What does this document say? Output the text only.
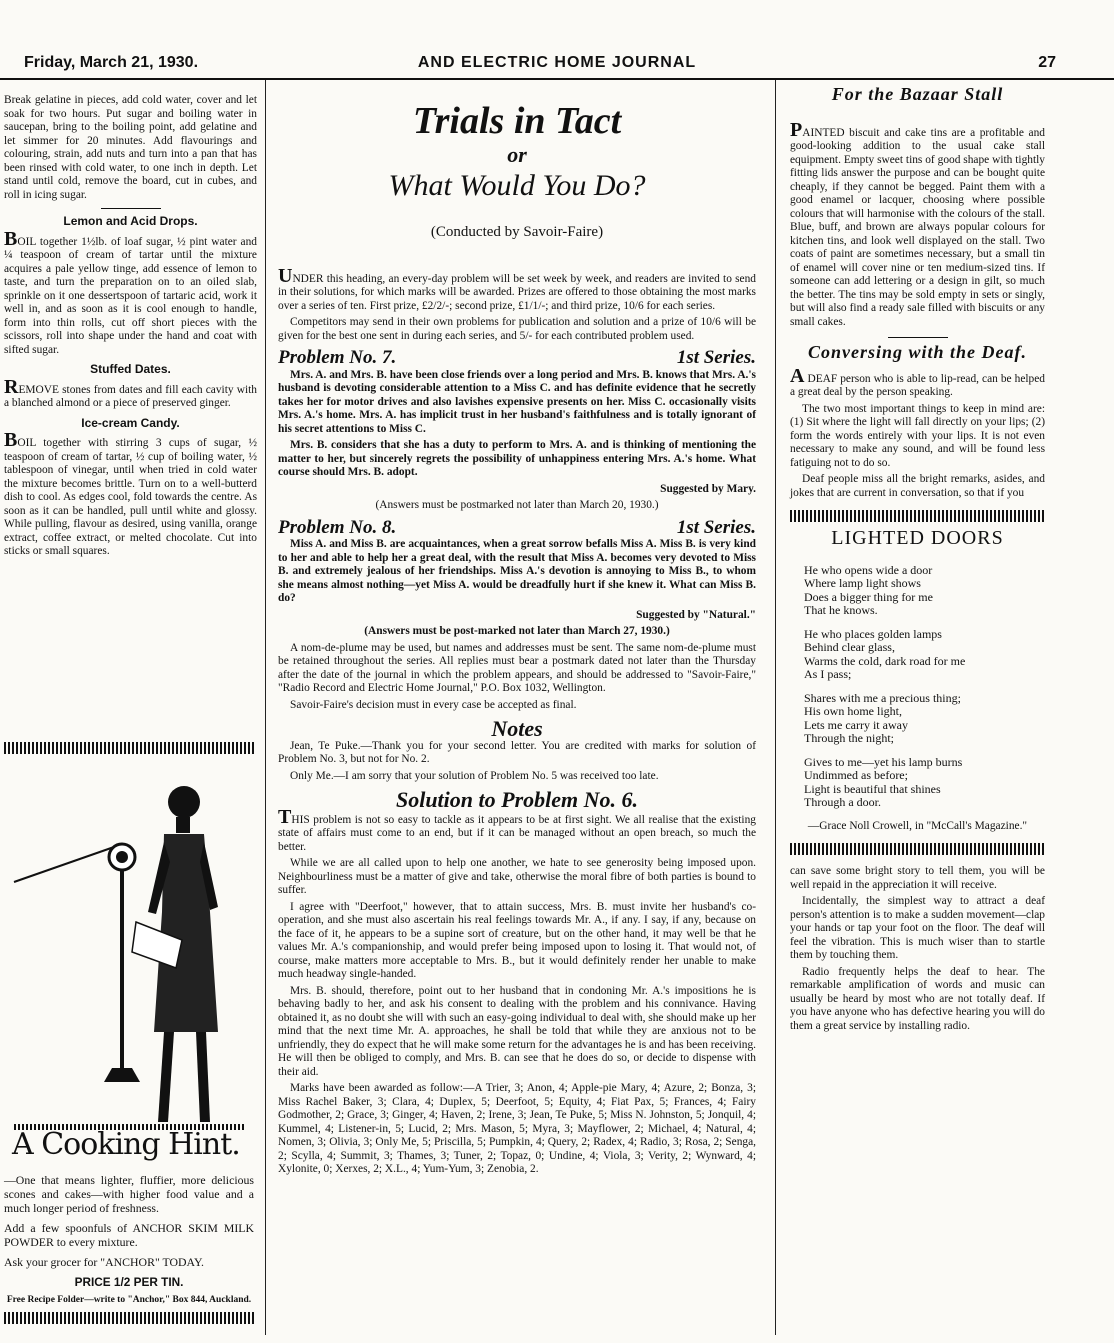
Friday, March 21, 1930.	AND ELECTRIC HOME JOURNAL	27

Break gelatine in pieces, add cold water, cover and let soak for two hours. Put sugar and boiling water in saucepan, bring to the boiling point, add gelatine and let simmer for 20 minutes. Add flavourings and colouring, strain, add nuts and turn into a pan that has been rinsed with cold water, to one inch in depth. Let stand until cold, remove the board, cut in cubes, and roll in icing sugar.

Lemon and Acid Drops.

BOIL together 1½lb. of loaf sugar, ½ pint water and ¼ teaspoon of cream of tartar until the mixture acquires a pale yellow tinge, add essence of lemon to taste, and turn the preparation on to an oiled slab, sprinkle on it one dessertspoon of tartaric acid, work it well in, and as soon as it is cool enough to handle, form into thin rolls, cut off short pieces with the scissors, roll into shape under the hand and coat with sifted sugar.

Stuffed Dates.

REMOVE stones from dates and fill each cavity with a blanched almond or a piece of preserved ginger.

Ice-cream Candy.

BOIL together with stirring 3 cups of sugar, ½ teaspoon of cream of tartar, ½ cup of boiling water, ½ tablespoon of vinegar, until when tried in cold water the mixture becomes brittle. Turn on to a well-butterd dish to cool. As edges cool, fold towards the centre. As soon as it can be handled, pull until white and glossy. While pulling, flavour as desired, using vanilla, orange extract, coffee extract, or melted chocolate. Cut into sticks or small squares.

A Cooking Hint.

—One that means lighter, fluffier, more delicious scones and cakes—with higher food value and a much longer period of freshness.

Add a few spoonfuls of ANCHOR SKIM MILK POWDER to every mixture.

Ask your grocer for "ANCHOR" TODAY.

PRICE 1/2 PER TIN.

Free Recipe Folder—write to "Anchor," Box 844, Auckland.

Trials in Tact
or
What Would You Do?
(Conducted by Savoir-Faire)

UNDER this heading, an every-day problem will be set week by week, and readers are invited to send in their solutions, for which marks will be awarded. Prizes are offered to those obtaining the most marks over a series of ten. First prize, £2/2/-; second prize, £1/1/-; and third prize, 10/6 for each series.

Competitors may send in their own problems for publication and solution and a prize of 10/6 will be given for the best one sent in during each series, and 5/- for each contributed problem used.

Problem No. 7.	1st Series.

Mrs. A. and Mrs. B. have been close friends over a long period and Mrs. B. knows that Mrs. A.'s husband is devoting considerable attention to a Miss C. and has definite evidence that he secretly takes her for motor drives and also lavishes expensive presents on her. Miss C. occasionally visits Mrs. A.'s home. Mrs. A. has implicit trust in her husband's faithfulness and is totally ignorant of his secret attentions to Miss C.

Mrs. B. considers that she has a duty to perform to Mrs. A. and is thinking of mentioning the matter to her, but sincerely regrets the possibility of unhappiness entering Mrs. A.'s home. What course should Mrs. B. adopt.

Suggested by Mary.

(Answers must be postmarked not later than March 20, 1930.)

Problem No. 8.	1st Series.

Miss A. and Miss B. are acquaintances, when a great sorrow befalls Miss A. Miss B. is very kind to her and able to help her a great deal, with the result that Miss A. becomes very devoted to Miss B. and extremely jealous of her friendships. Miss A.'s devotion is annoying to Miss B., to whom she means almost nothing—yet Miss A. would be dreadfully hurt if she knew it. What can Miss B. do?

Suggested by "Natural."

(Answers must be post-marked not later than March 27, 1930.)

A nom-de-plume may be used, but names and addresses must be sent. The same nom-de-plume must be retained throughout the series. All replies must bear a postmark dated not later than the Thursday after the date of the journal in which the problem appears, and should be addressed to "Savoir-Faire," "Radio Record and Electric Home Journal," P.O. Box 1032, Wellington.

Savoir-Faire's decision must in every case be accepted as final.

Notes

Jean, Te Puke.—Thank you for your second letter. You are credited with marks for solution of Problem No. 3, but not for No. 2.

Only Me.—I am sorry that your solution of Problem No. 5 was received too late.

Solution to Problem No. 6.

THIS problem is not so easy to tackle as it appears to be at first sight. We all realise that the existing state of affairs must come to an end, but if it can be managed without an open breach, so much the better.

While we are all called upon to help one another, we hate to see generosity being imposed upon. Neighbourliness must be a matter of give and take, otherwise the moral fibre of both parties is bound to suffer.

I agree with "Deerfoot," however, that to attain success, Mrs. B. must invite her husband's co-operation, and she must also ascertain his real feelings towards Mr. A., if any. I say, if any, because on the face of it, he appears to be a supine sort of creature, but on the other hand, it may well be that he values Mr. A.'s companionship, and would prefer being imposed upon to losing it. That would not, of course, make matters more acceptable to Mrs. B., but it would definitely render her unable to make much headway single-handed.

Mrs. B. should, therefore, point out to her husband that in condoning Mr. A.'s impositions he is behaving badly to her, and ask his consent to dealing with the problem and his connivance. Having obtained it, as no doubt she will with such an easy-going individual to deal with, she should make up her mind that the next time Mr. A. approaches, he shall be told that while they are anxious not to be unfriendly, they do expect that he will make some return for the advantages he is and has been receiving. He will then be obliged to comply, and Mrs. B. can see that he does do so, or decide to dispense with their aid.

Marks have been awarded as follow:—A Trier, 3; Anon, 4; Apple-pie Mary, 4; Azure, 2; Bonza, 3; Miss Rachel Baker, 3; Clara, 4; Duplex, 5; Deerfoot, 5; Equity, 4; Fiat Pax, 5; Frances, 4; Fairy Godmother, 2; Grace, 3; Ginger, 4; Haven, 2; Irene, 3; Jean, Te Puke, 5; Miss N. Johnston, 5; Jonquil, 4; Kummel, 4; Listener-in, 5; Lucid, 2; Mrs. Mason, 5; Myra, 3; Mayflower, 2; Michael, 4; Natural, 4; Nomen, 3; Olivia, 3; Only Me, 5; Priscilla, 5; Pumpkin, 4; Query, 2; Radex, 4; Radio, 3; Rosa, 2; Senga, 2; Scylla, 4; Summit, 3; Thames, 3; Tuner, 2; Topaz, 0; Undine, 4; Viola, 3; Verity, 2; Wynward, 4; Xylonite, 0; Xerxes, 2; X.L., 4; Yum-Yum, 3; Zenobia, 2.

For the Bazaar Stall

PAINTED biscuit and cake tins are a profitable and good-looking addition to the usual cake stall equipment. Empty sweet tins of good shape with tightly fitting lids answer the purpose and can be bought quite cheaply, if they cannot be begged. Paint them with a good enamel or lacquer, choosing where possible colours that will harmonise with the colours of the stall. Blue, buff, and brown are always popular colours for kitchen tins, and look well displayed on the stall. Two coats of paint are sometimes necessary, but a small tin of enamel will cover nine or ten medium-sized tins. If someone can add lettering or a design in gilt, so much the better. The tins may be sold empty in sets or singly, but will also find a ready sale filled with biscuits or any small cakes.

Conversing with the Deaf.

A DEAF person who is able to lip-read, can be helped a great deal by the person speaking.

The two most important things to keep in mind are: (1) Sit where the light will fall directly on your lips; (2) form the words entirely with your lips. It is not even necessary to make any sound, and will be found less fatiguing not to do so.

Deaf people miss all the bright remarks, asides, and jokes that are current in conversation, so that if you

LIGHTED DOORS
He who opens wide a door
Where lamp light shows
Does a bigger thing for me
That he knows.
He who places golden lamps
Behind clear glass,
Warms the cold, dark road for me
As I pass;
Shares with me a precious thing;
His own home light,
Lets me carry it away
Through the night;
Gives to me—yet his lamp burns
Undimmed as before;
Light is beautiful that shines
Through a door.

—Grace Noll Crowell, in "McCall's Magazine."

can save some bright story to tell them, you will be well repaid in the appreciation it will receive.

Incidentally, the simplest way to attract a deaf person's attention is to make a sudden movement—clap your hands or tap your foot on the floor. The deaf will feel the vibration. This is much wiser than to startle them by touching them.

Radio frequently helps the deaf to hear. The remarkable amplification of words and music can usually be heard by most who are not totally deaf. If you have anyone who has defective hearing you will do them a great service by installing radio.
